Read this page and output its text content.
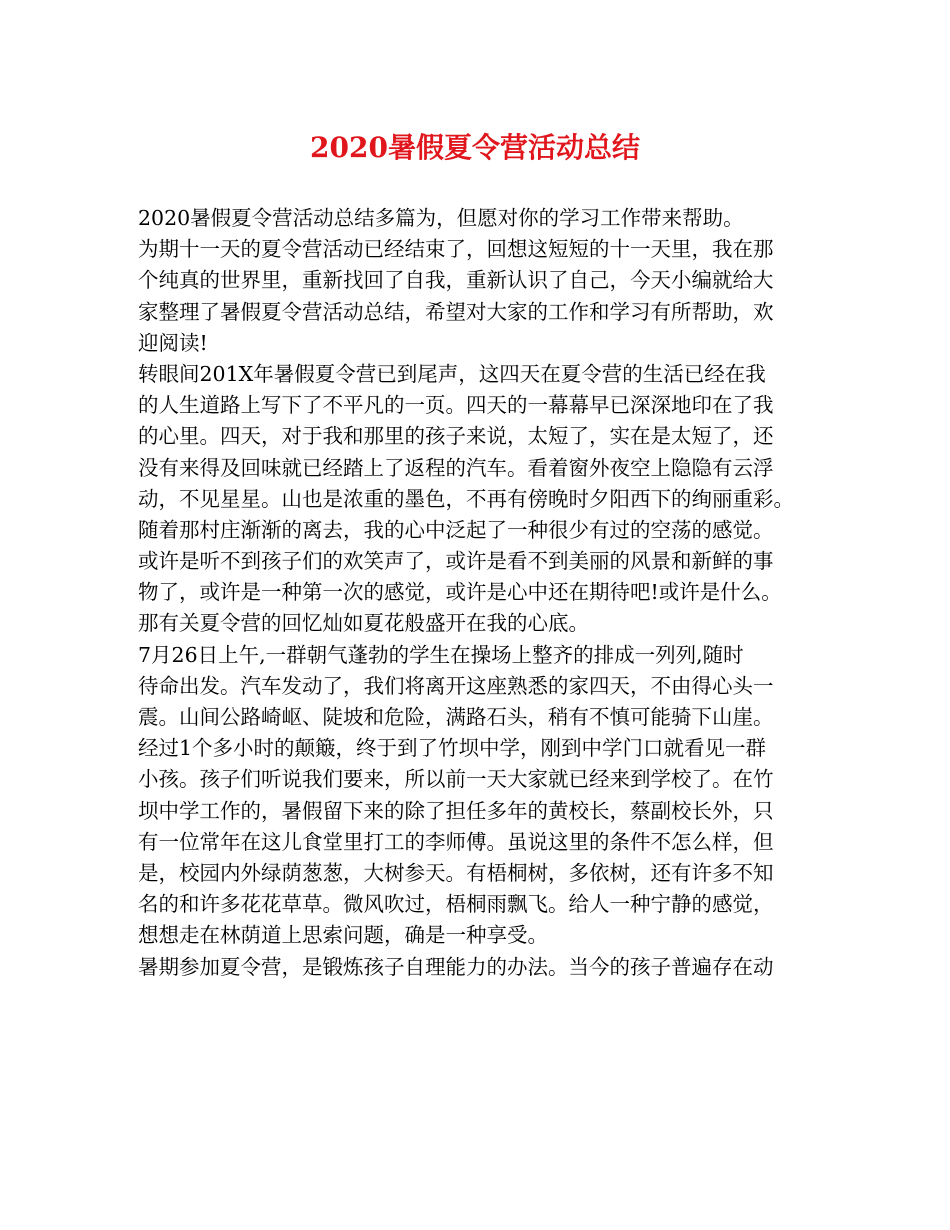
2020暑假夏令营活动总结
2020暑假夏令营活动总结多篇为，但愿对你的学习工作带来帮助。
为期十一天的夏令营活动已经结束了，回想这短短的十一天里，我在那
个纯真的世界里，重新找回了自我，重新认识了自己，今天小编就给大
家整理了暑假夏令营活动总结，希望对大家的工作和学习有所帮助，欢
迎阅读!
转眼间201X年暑假夏令营已到尾声，这四天在夏令营的生活已经在我
的人生道路上写下了不平凡的一页。四天的一幕幕早已深深地印在了我
的心里。四天，对于我和那里的孩子来说，太短了，实在是太短了，还
没有来得及回味就已经踏上了返程的汽车。看着窗外夜空上隐隐有云浮
动，不见星星。山也是浓重的墨色，不再有傍晚时夕阳西下的绚丽重彩。
随着那村庄渐渐的离去，我的心中泛起了一种很少有过的空荡的感觉。
或许是听不到孩子们的欢笑声了，或许是看不到美丽的风景和新鲜的事
物了，或许是一种第一次的感觉，或许是心中还在期待吧!或许是什么。
那有关夏令营的回忆灿如夏花般盛开在我的心底。
7月26日上午,一群朝气蓬勃的学生在操场上整齐的排成一列列,随时
待命出发。汽车发动了，我们将离开这座熟悉的家四天，不由得心头一
震。山间公路崎岖、陡坡和危险，满路石头，稍有不慎可能骑下山崖。
经过1个多小时的颠簸，终于到了竹坝中学，刚到中学门口就看见一群
小孩。孩子们听说我们要来，所以前一天大家就已经来到学校了。在竹
坝中学工作的，暑假留下来的除了担任多年的黄校长，蔡副校长外，只
有一位常年在这儿食堂里打工的李师傅。虽说这里的条件不怎么样，但
是，校园内外绿荫葱葱，大树参天。有梧桐树，多依树，还有许多不知
名的和许多花花草草。微风吹过，梧桐雨飘飞。给人一种宁静的感觉，
想想走在林荫道上思索问题，确是一种享受。
暑期参加夏令营，是锻炼孩子自理能力的办法。当今的孩子普遍存在动
